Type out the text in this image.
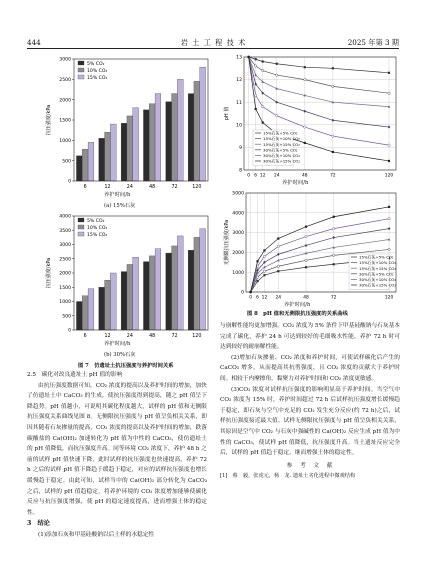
444	岩 土 工 程 技 术	2025 年第 3 期
抗压强度/kPa
0
500
1000
1500
2000
2500
3000
6	12	24	48	72	120
5% CO₂
10% CO₂
15% CO₂
养护时间/h
(a) 15%石灰
抗压强度/kPa
0
500
1000
1500
2000
2500
3000
3500
4000
6	12	24	48	72	120
5% CO₂
10% CO₂
15% CO₂
养护时间/h
(b) 30%石灰
图 7　仿遗址土抗压强度与养护时间关系
pH 值
8
9
10
11
12
13
0 6 12 24	48	72	120
15%石灰+5% CO₂
15%石灰+10% CO₂
15%石灰+15% CO₂
30%石灰+5% CO₂
30%石灰+10% CO₂
30%石灰+15% CO₂
养护时间/h
无侧限抗压强度/kPa
0
1000
2000
3000
4000
5000
0 6 12 24	48	72	120
15%石灰+5% CO₂
15%石灰+10% CO₂
15%石灰+15% CO₂
30%石灰+5% CO₂
30%石灰+10% CO₂
30%石灰+15% CO₂
养护时间/h
图 8　pH 值和无侧限抗压强度的关系曲线
2.5　碳化对改良遗址土 pH 值的影响

由抗压强度数据可知，CO₂ 浓度的提高以及养护时间的增加，加快了仿遗址土中 CaCO₃ 的生成，使抗压强度得到提高，随之 pH 值呈下降趋势。pH 值越小，可说明其碳化程度越大，试样的 pH 值和无侧限抗压强度关系曲线见图 8。无侧限抗压强度与 pH 值呈负相关关系，即因其随着石灰掺量的提高，CO₂ 浓度的提高以及养护时间的增加，跌落碳酸盐的 Ca(OH)₂ 加速转化为 pH 值为中性的 CaCO₃，使仿遗址土的 pH 值降低，而抗压强度升高。同等环境 CO₂ 浓度下，养护 48 h 之前的试样 pH 值快速下降，此时试样的抗压强度也快速提高，养护 72 h 之后的试样 pH 值下降趋于缓趋于稳定，对应的试样抗压强度也增长缓慢趋于稳定。由此可知，试样当中的 Ca(OH)₂ 部分转化为 CaCO₃ 之后，试样的 pH 值趋稳定，将养护环境的 CO₂ 浓度增加能够使碳化反应与抗压强度增强，使 pH 的稳定速度提高，进而增强土体的稳定性。

3　结论

(1)添加石灰和甲基硅酸钠以后土样的水稳定性

与崩解性能均更加增强。CO₂ 浓度为 5% 条件下甲基硅酸钠与石灰基本完成了碳化，养护 24 h 可达到较好的毛细吸水性能，养护 72 h 时可达到较好的耐崩解性能。

(2)增加石灰掺量、CO₂ 浓度和养护时间，可使试样碳化后产生的 CaCO₃ 增多，从而提高其抗剪强度，且 CO₂ 浓度的贡献大于养护时间。相较于内摩擦角，黏聚力对养护时间和 CO₂ 浓度更敏感。

(3)CO₂ 浓度对试样抗压强度的影响明显高于养护时间。当空气中 CO₂ 浓度为 15% 时，养护时间超过 72 h 后试样抗压强度增长缓慢趋于稳定，即石灰与空气中充足的 CO₂ 发生充分反应(约 72 h)之后，试样抗压强度接近最大值。试样无侧限抗压强度与 pH 值呈负相关关系，其原因是空气中 CO₂ 与石灰中强碱性的 Ca(OH)₂ 反应生成 pH 值为中性的 CaCO₃，使试样 pH 值降低，抗压强度升高。当土遗址反应完全后，试样的 pH 值趋于稳定，继而增强土体的稳定性。

参　考　文　献
[1]　蔡　毅，张虎元，杨　龙. 遗址土劣化进程中微观结构
